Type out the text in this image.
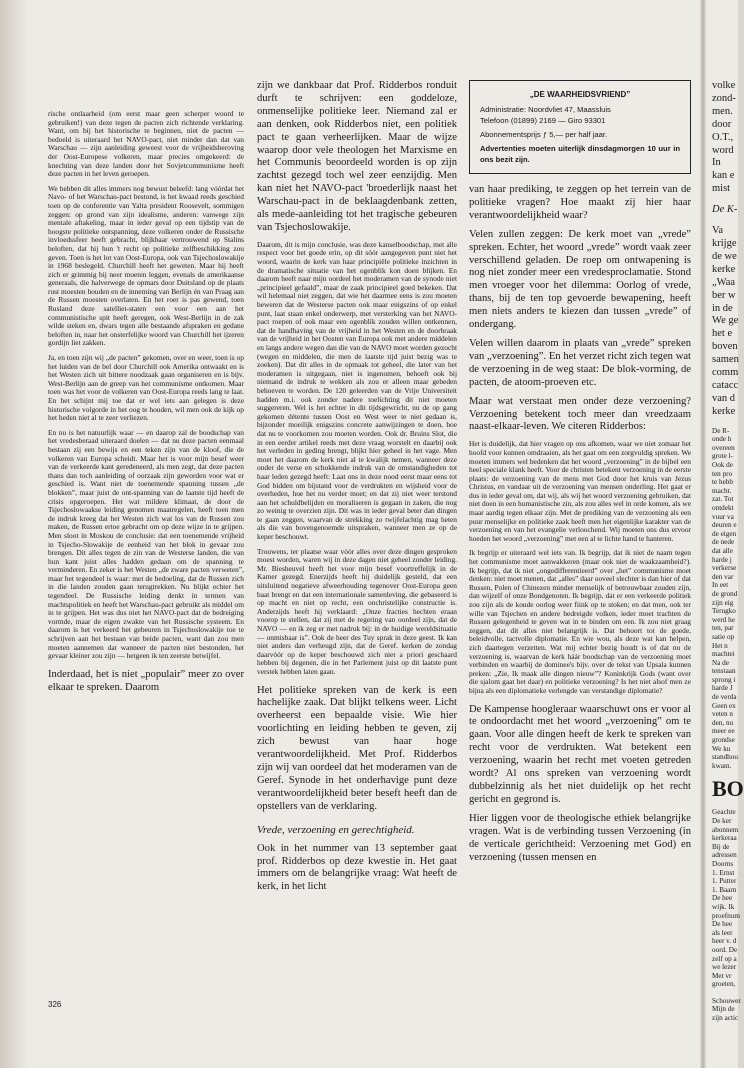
rische ontlaarheid (om eerst maar geen scherper woord te gebruiken!) van deze tegen de pacten zich richtende verklaring. Want, om bij het historische te beginnen, niet de pacten — bedoeld is uiteraard het NAVO-pact, niet minder dan dat van Warschau — zijn aanleiding geweest voor de vrijheidsberoving der Oost-Europese volkeren, maar precies omgekeerd: de knechting van deze landen door het Sovjetcommunisme heeft deze pacten in het leven geroepen.

We hebben dit alles immers nog bewust beleefd: lang vóórdat het Navo- of het Warschau-pact bestond, is het kwaad reeds geschied toen op de conferentie van Yalta president Roosevelt, sommigen zeggen: op grond van zijn idealisme, anderen: vanwege zijn mentale aftakeling, maar in ieder geval op een tijdstip van de hoogste politieke ontspanning, deze volkeren onder de Russische invloedssfeer heeft gebracht, blijkbaar vertrouwend op Stalins beloften, dat hij hun 't recht op politieke zelfbeschikking zou geven. Toen is het lot van Oost-Europa, ook van Tsjechoslowakije in 1968 beslegeld. Churchill heeft het geweten. Maar hij heeft zich er grimmig bij neer moeten leggen, evenals de amerikaanse generaals, die halverwege de opmars door Duitsland op de plaats rust moesten houden en de inneming van Berlijn én van Praag aan de Russen moesten overlaten. En het roer is pas gewend, toen Rusland deze satelliet-staten een voor een aan het communistische spit heeft geregen, ook West-Berlijn in de zak wilde steken en, dwars tegen alle bestaande afspraken en gedane beloften in, naar het onsterfelijke woord van Churchill het ijzeren gordijn liet zakken.

Ja, en toen zijn wij „de pacten” gekomen, over en weer, toen is op het luiden van de bel door Churchill ook Amerika ontwaakt en is het Westen zich uit bittere noodzaak gaan organiseren en is bijv. West-Berlijn aan de greep van het communisme ontkomen. Maar toen was het voor de volkeren van Oost-Europa reeds lang te laat. En het schijnt mij toe dat er wel iets aan gelegen is deze historische volgorde in het oog te houden, wil men ook de kijk op het heden niet al te zeer verliezen.

En nu is het natuurlijk waar — en daarop zal de boodschap van het vredesberaad uiteraard doelen — dat nu deze pacten eenmaal bestaan zij een bewijs en een teken zijn van de kloof, die de volkeren van Europa scheidt. Maar het is voor mijn besef weer van de verkeerde kant geredeneerd, als men zegt, dat deze pacten thans dan toch aanleiding of oorzaak zijn geworden voor wat er geschied is. Want niet de toenemende spanning tussen „de blokken”, maar juist de ont-spanning van de laatste tijd heeft de crisis opgeroepen. Het wat mildere klimaat, de door de Tsjechoslowaakse leiding genomen maatregelen, heeft toen men de indruk kreeg dat het Westen zich wat los van de Russen zou maken, de Russen ertoe gebracht om op deze wijze in te grijpen. Men sloot in Moskou de conclusie: dat een toenemende vrijheid in Tsjecho-Slowakije de eenheid van het blok in gevaar zou brengen. Dit alles tegen de zin van de Westerse landen, die van hun kant juist alles hadden gedaan om de spanning te verminderen. En zeker is het Westen „de zware pacten verweten”, maar het tegendeel is waar: met de bedoeling, dat de Russen zich in die landen zouden gaan terugtrekken. Nu blijkt echter het tegendeel. De Russische leiding denkt in termen van machtspolitiek en heeft het Warschau-pact gebruikt als middel om in te grijpen. Het was dus niet het NAVO-pact dat de bedreiging vormde, maar de eigen zwakte van het Russische systeem. En daarom is het verkeerd het gebeuren in Tsjechoslowakije toe te schrijven aan het bestaan van beide pacten, want dan zou men moeten aannemen dat wanneer de pacten niet bestonden, het gevaar kleiner zou zijn — hetgeen ik ten zeerste betwijfel.

Inderdaad, het is niet „populair” meer zo over elkaar te spreken. Daarom

zijn we dankbaar dat Prof. Ridderbos ronduit durft te schrijven: een goddeloze, onmenselijke politieke leer. Niemand zal er aan denken, ook Ridderbos niet, een politiek pact te gaan verheerlijken. Maar de wijze waarop door vele theologen het Marxisme en het Communis beoordeeld worden is op zijn zachtst gezegd toch wel zeer eenzijdig. Men kan niet het NAVO-pact 'broederlijk naast het Warschau-pact in de beklaagdenbank zetten, als mede-aanleiding tot het tragische gebeuren van Tsjechoslowakije.

Daarom, dit is mijn conclusie, was deze kanselboodschap, met alle respect voor het goede erin, op dit sóór aangegeven punt niet het woord, waarin de kerk van haar principiële politieke inzichten in de dramatische situatie van het ogenblik kon doen blijken. En daarom heeft naar mijn oordeel het moderamen van de synode niet „principieel gefaald”, maar de zaak principieel goed bekeken. Dat wil helemaal niet zeggen, dat wie het daarmee eens is zou moeten beweren dat de Westerse pacten ook maar enigszins of op enkel punt, laat staan enkel onderwerp, met versterking van het NAVO-pact roepen of ook maar een ogenblik zouden willen ontkennen, dat de handhaving van de vrijheid in het Westen en de doorbraak van de vrijheid in het Oosten van Europa ook met andere middelen en langs andere wegen dan die van de NAVO moet worden gezocht (wegen en middelen, die men de laatste tijd juist bezig was te zoeken). Dat dit alles in de opmaak tot geheel, die later van het moderamen is uitgegaan, niet is ingenomen, behoeft ook bij niemand de indruk te wekken als zou er alleen maar gebeden behoeven te worden. De 120 geleerden van de Vrije Universiteit hadden m.i. ook zonder nadere toelichting dit niet moeten suggereren. Wel is het echter in dit tijdsgewricht, nu de op gang gekomen détente tussen Oost en West weer te niet gedaan is, bijzonder moeilijk enigszins concrete aanwijzingen te doen, hoe dat nu te voorkomen zou moeten worden. Ook dr. Bruins Slot, die in een eerder artikel reeds met deze vraag worstelt en daarbij ook het verleden in geding brengt, blijkt hier geheel in het vage. Men moet het daarom de kerk niet al te kwalijk nemen, wanneer deze onder de verse en schokkende indruk van de omstandigheden tot haar leden gezegd heeft: Laat ons in deze nood eerst maar eens tot God bidden om bijstand voor de verdrukten en wijsheid voor de overheden, hoe het nu verder moet; en dat zij niet weer terstond aan het schuldbelijden en moraliseren is gegaan in zaken, die nog zo weinig te overzien zijn. Dit was in ieder geval beter dan dingen te gaan zeggen, waarvan de strekking zo twijfelachtig mag heten als die van bovengenoemde uitspraken, wanneer men ze op de keper beschouwt.

Trouwens, ter plaatse waar vóór alles over deze dingen gesproken moest worden, waren wij in deze dagen niet geheel zonder leiding. Mr. Biesheuvel heeft het voor mijn besef voortreffelijk in de Kamer gezegd. Enerzijds heeft hij duidelijk gesteld, dat een uitsluitend negatieve afweerhouding tegenover Oost-Europa geen baat brengt en dat een internationale samenleving, die gebaseerd is op macht en niet op recht, een onchristelijke constructie is. Anderzijds heeft hij verklaard: „Onze fracties hechten eraan voorop te stellen, dat zij met de regering van oordeel zijn, dat de NAVO — en ik zeg er met nadruk bij: in de huidige wereldsituatie — onmisbaar is”. Ook de heer des Tuy sprak in deze geest. Ik kan niet anders dan verheugd zijn, dat de Geref. kerken de zondag daarvóór op de keper beschouwd zich niet a priori geschaard hebben bij degenen, die in het Parlement juist op dit laatste punt verstek hebben laten gaan.

Het politieke spreken van de kerk is een hachelijke zaak. Dat blijkt telkens weer. Licht overheerst een bepaalde visie. Wie hier voorlichting en leiding hebben te geven, zij zich bewust van haar hoge verantwoordelijkheid. Met Prof. Ridderbos zijn wij van oordeel dat het moderamen van de Geref. Synode in het onderhavige punt deze verantwoordelijkheid beter beseft heeft dan de opstellers van de verklaring.

Vrede, verzoening en gerechtigheid.

Ook in het nummer van 13 september gaat prof. Ridderbos op deze kwestie in. Het gaat immers om de belangrijke vraag: Wat heeft de kerk, in het licht

„DE WAARHEIDSVRIEND”
Administratie: Noordvliet 47, Maassluis
Telefoon (01899) 2169 — Giro 93301
Abonnementsprijs ƒ 5,— per half jaar.
Advertenties moeten uiterlijk dinsdagmorgen 10 uur in ons bezit zijn.

van haar prediking, te zeggen op het terrein van de politieke vragen? Hoe maakt zij hier haar verantwoordelijkheid waar?

Velen zullen zeggen: De kerk moet van „vrede” spreken. Echter, het woord „vrede” wordt vaak zeer verschillend geladen. De roep om ontwapening is nog niet zonder meer een vredesproclamatie. Stond men vroeger voor het dilemma: Oorlog of vrede, thans, bij de ten top gevoerde bewapening, heeft men niets anders te kiezen dan tussen „vrede” of ondergang.

Velen willen daarom in plaats van „vrede” spreken van „verzoening”. En het verzet richt zich tegen wat de verzoening in de weg staat: De blok-vorming, de pacten, de atoom-proeven etc.

Maar wat verstaat men onder deze verzoening? Verzoening betekent toch meer dan vreedzaam naast-elkaar-leven. We citeren Ridderbos:

Het is duidelijk, dat hier vragen op ons afkomen, waar we niet zomaar het hoofd voor kunnen omdraaien, als het gaat om een zorgvuldig spreken. We moeten immers wel bedenken dat het woord „verzoening” in de bijbel een heel speciale klank heeft. Voor de christen betekent verzoening in de eerste plaats: de verzoening van de mens met God door het kruis van Jezus Christus, en vandaar uit de verzoening van mensen onderling. Het gaat er dus in ieder geval om, dat wij, als wij het woord verzoening gebruiken, dat niet doen in een humanistische zin, als zou alles wel in orde komen, als we maar aardig tegen elkaar zijn. Met de prediking van de verzoening als een puur menselijke en politieke zaak heeft men het eigenlijke karakter van de verzoening en van het evangelie verloochend. Wij moeten ons dus ervoor hoeden het woord „verzoening” met een al te lichte hand te hanteren.

Ik begrijp er uiteraard wel iets van. Ik begrijp, dat ik niet de naam tegen het communisme moet aanwakkeren (maar ook niet de waakzaamheid?). Ik begrijp, dat ik niet „ongedifferentieerd” over „het” communisme moet denken: niet moet menen, dat „alles” daar ooveel slechter is dan hier of dat Russen, Polen of Chinezen minder menselijk of betrouwbaar zouden zijn, dan wijzelf of onze Bondgenoten. Ik begrijp, dat er een verkeerde politiek zou zijn als de koude oorlog weer fiink op te stoken; en dat men, ook ter wille van Tsjechen en andere bedreigde volken, ieder moet trachten de Russen gelegenheid te geven wat in te binden om een. Ik zou niet graag zeggen, dat dit alles niet belangrijk is. Dat behoort tot de goede, beleidvolle, tactvolle diplomatie. En wie wou, als deze wat kan helpen, zich daartegen verzetten. Wat mij echter bezig houdt is of dat nu de verzoening is, waarvan de kerk háár boodschap van de verzoening moet verbinden en waarbij de dominee's bijv. over de tekst van Upsala kunnen preken: „Zie, Ik maak alle dingen nieuw”? Koninkrijk Gods (want over die sjalom gaat het daar) en politieke verzoening? Is het niet alsof men ze bijna als een diplomatieke verlengde van verstandige diplomatie?

De Kampense hoogleraar waarschuwt ons er voor al te ondoordacht met het woord „verzoening” om te gaan. Voor alle dingen heeft de kerk te spreken van recht voor de verdrukten. Wat betekent een verzoening, waarin het recht met voeten getreden wordt? Al ons spreken van verzoening wordt dubbelzinnig als het niet duidelijk op het recht gericht en gegrond is.

Hier liggen voor de theologische ethiek belangrijke vragen. Wat is de verbinding tussen Verzoening (in de verticale gerichtheid: Verzoening met God) en verzoening (tussen mensen en

volke
zond-
men.
door
O.T.,
word
In
kan e
mist
De K-
Va
krijge
de we
kerke
„Waa
ber w
in de
We ge
het e
boven
samen
comm
catacc
van d
kerke
De R-
onde h
overeen
grote l-
Ook de
ten pro
te hebb
macht.
zat. Tot
ontdekt
vuur va
deuren e
de eigen
de nede
dat alle
harde j
verkerse
den var
In eet
de grond
zijn eig
Terugko
werd he
ten, par
satie op
Het n
machtei
Na de
tenstaan
sprong i
harde J
de verda
Geen ex
veten n
den, nu
meer ee
grondse
We ku
standhou
kwam.
BO
Geachte
De ker
abonnem
kerkeraa
Bij de
adressen
Doorns
1. Ernst
1. Putter
1. Baarn
De hee
wijk. Ik
proefnum
De hee
als leer
heer v. d
oord. De
zelf op a
we lezer
Met vr
groeten,
Schouwer
Mijn de
zijn actic
326
